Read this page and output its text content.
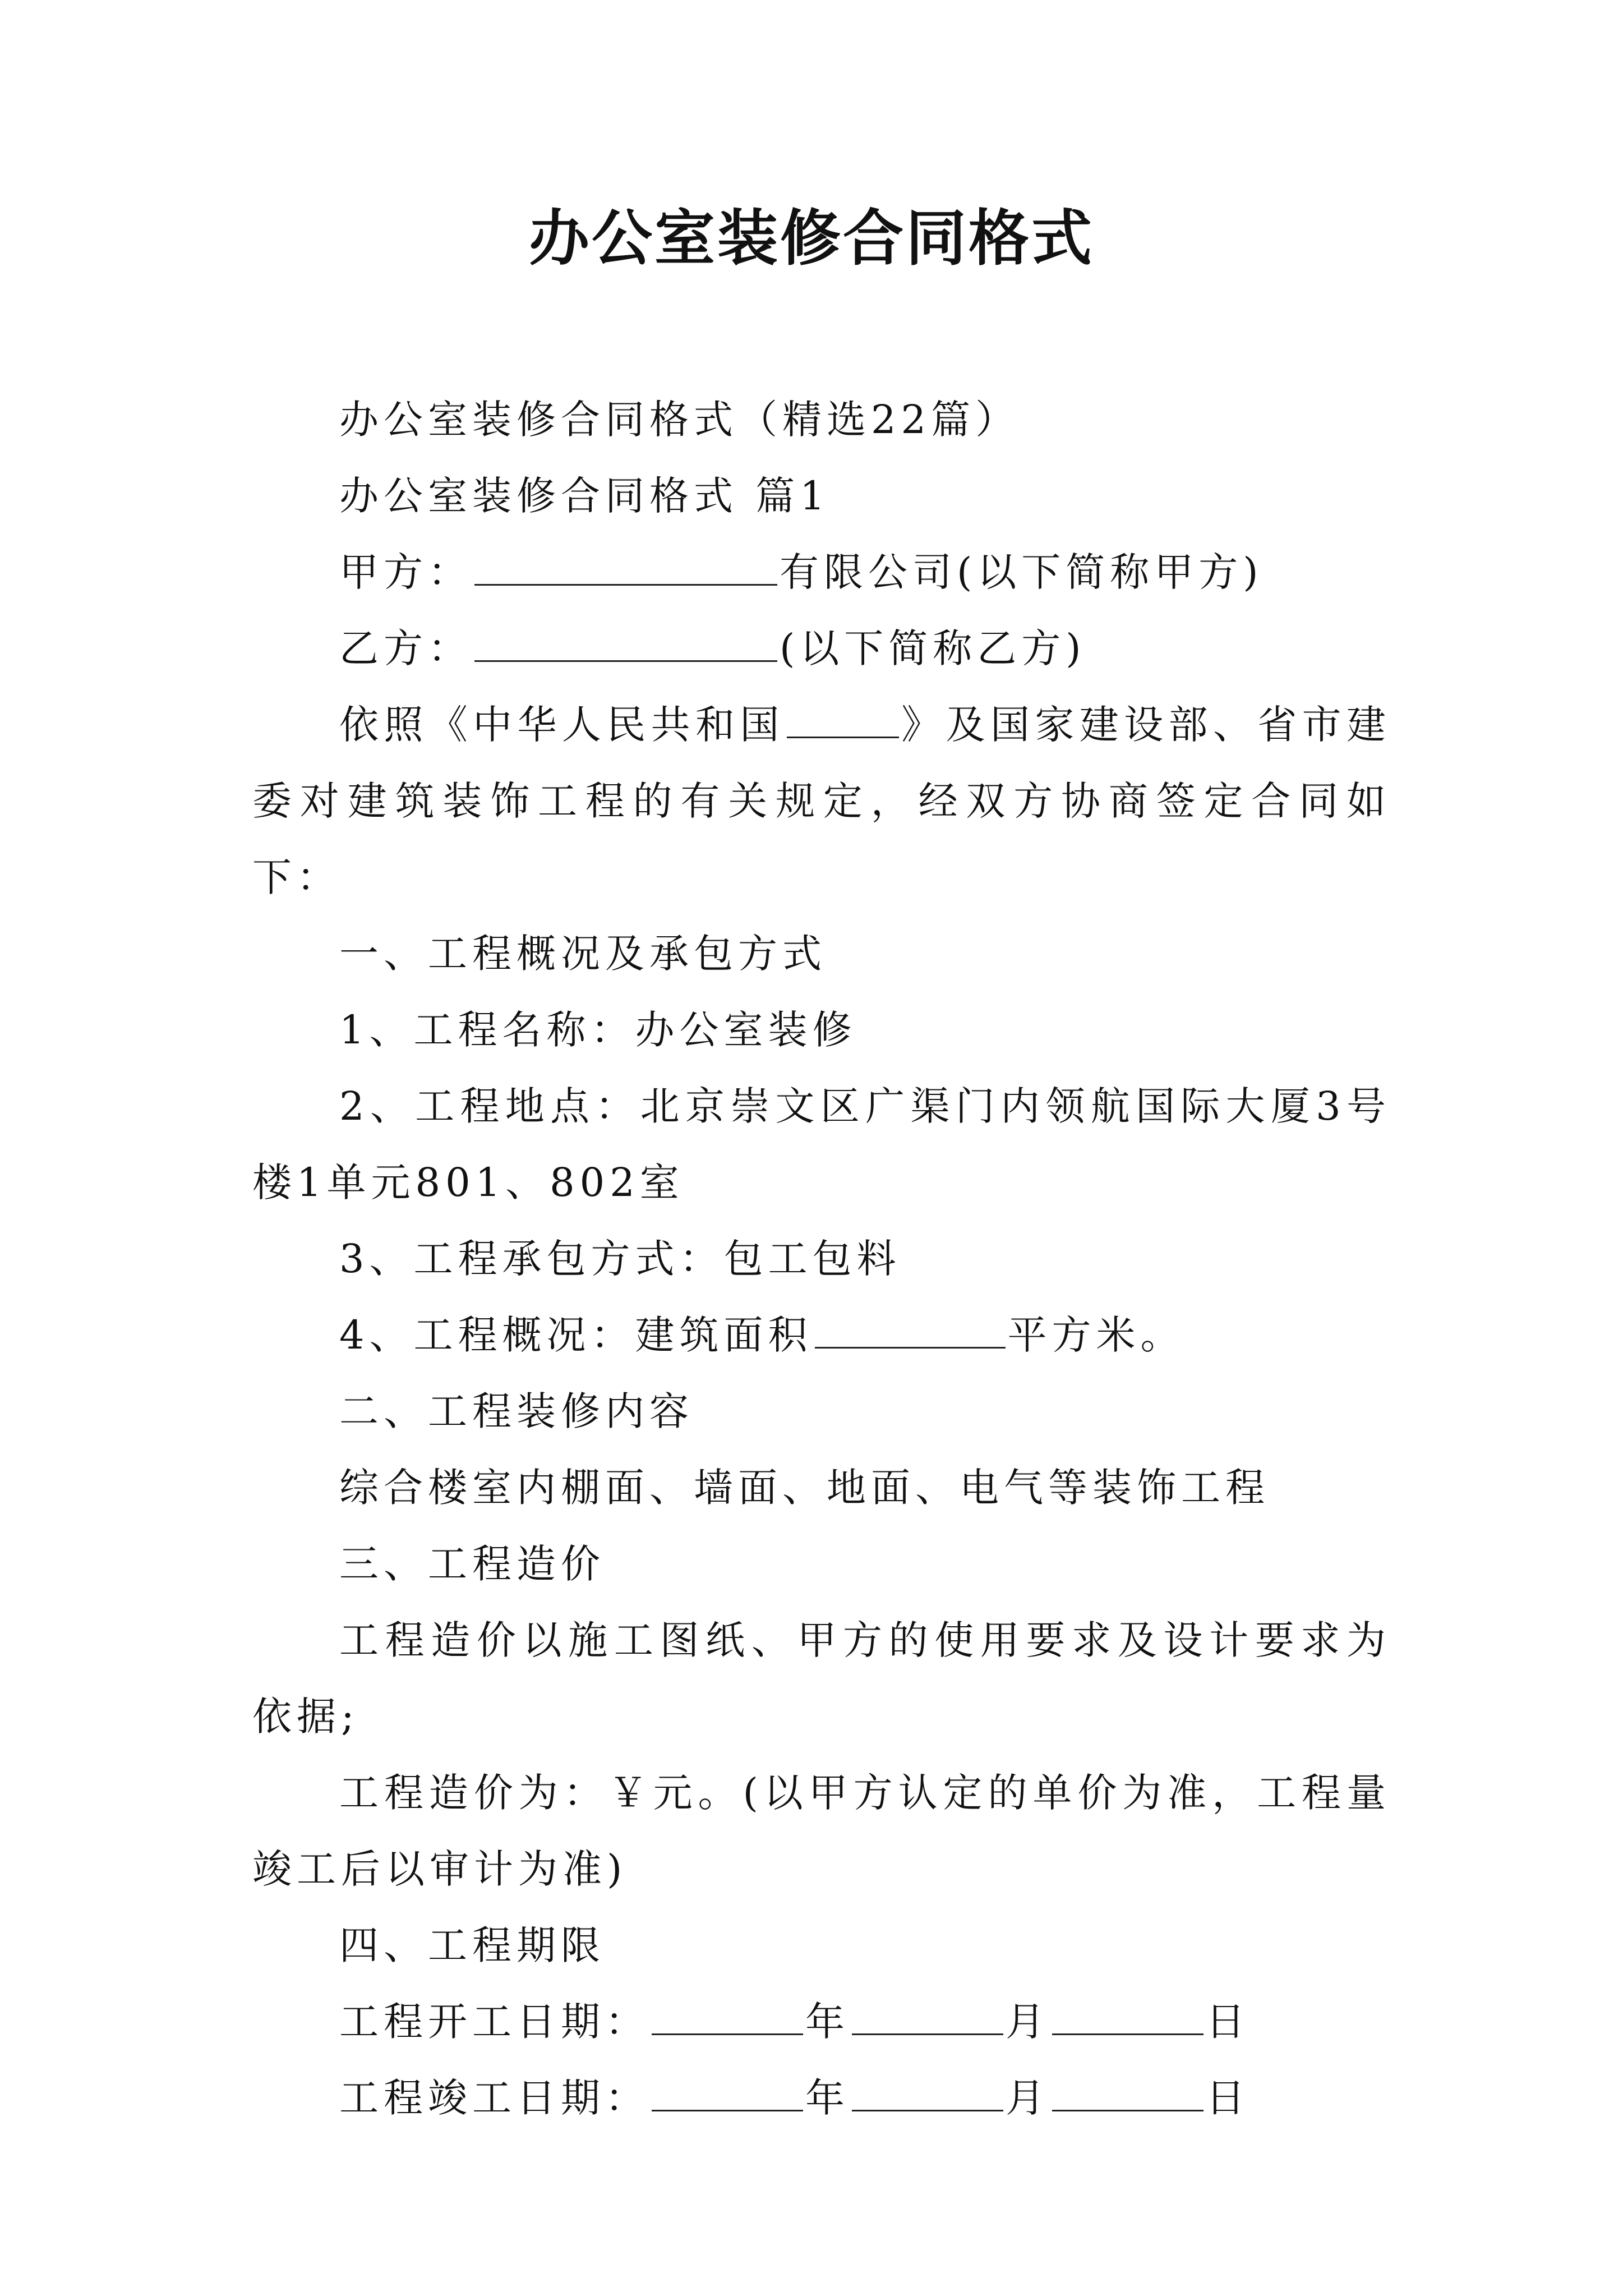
办公室装修合同格式

办公室装修合同格式（精选22篇）

办公室装修合同格式 篇1

甲方：	有限公司(以下简称甲方)

乙方：	(以下简称乙方)

依照《中华人民共和国	》及国家建设部、省市建委对建筑装饰工程的有关规定，经双方协商签定合同如下：

一、工程概况及承包方式

1、工程名称：办公室装修

2、工程地点：北京崇文区广渠门内领航国际大厦3号楼1单元801、802室

3、工程承包方式：包工包料

4、工程概况：建筑面积	平方米。

二、工程装修内容

综合楼室内棚面、墙面、地面、电气等装饰工程

三、工程造价

工程造价以施工图纸、甲方的使用要求及设计要求为依据;

工程造价为：￥元。(以甲方认定的单价为准，工程量竣工后以审计为准)

四、工程期限

工程开工日期：	年	月	日

工程竣工日期：	年	月	日
